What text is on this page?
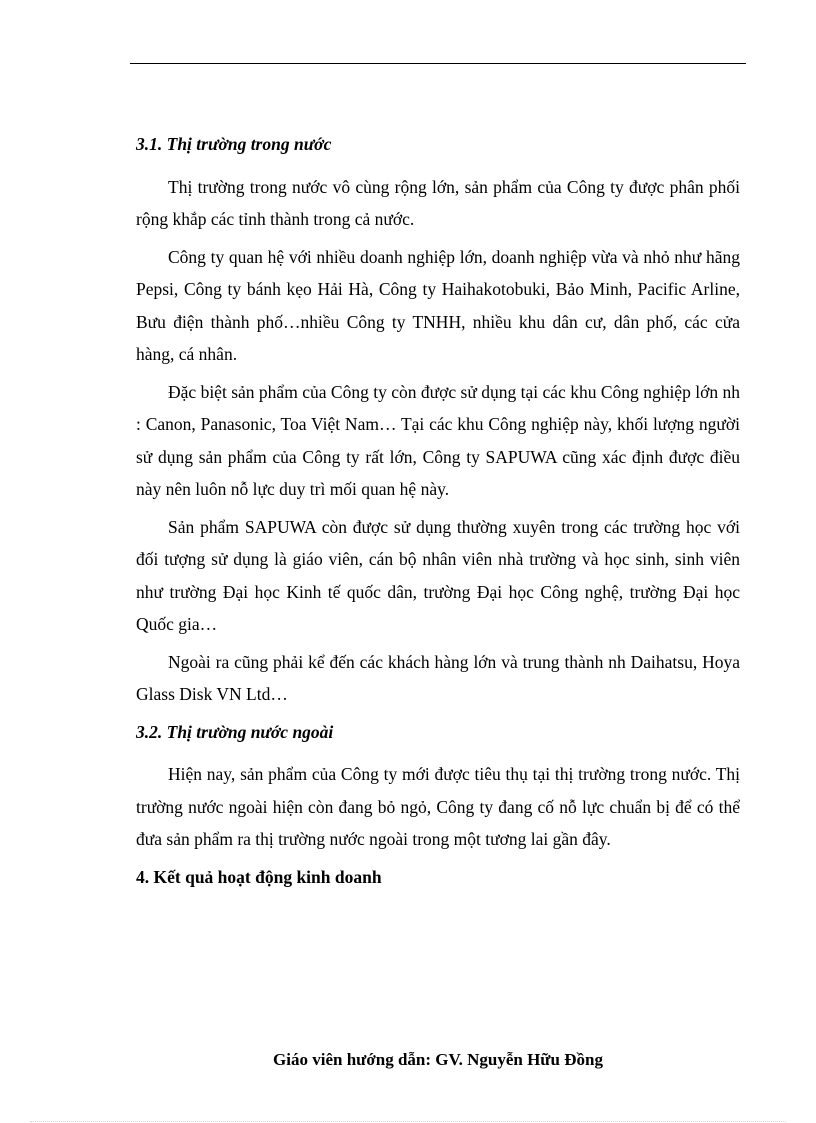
3.1. Thị trường trong nước

Thị trường trong nước vô cùng rộng lớn, sản phẩm của Công ty được phân phối rộng khắp các tỉnh thành trong cả nước.

Công ty quan hệ với nhiều doanh nghiệp lớn, doanh nghiệp vừa và nhỏ như hãng Pepsi, Công ty bánh kẹo Hải Hà, Công ty Haihakotobuki, Bảo Minh, Pacific Arline, Bưu điện thành phố…nhiều Công ty TNHH, nhiều khu dân cư, dân phố, các cửa hàng, cá nhân.

Đặc biệt sản phẩm của Công ty còn được sử dụng tại các khu Công nghiệp lớn nh : Canon, Panasonic, Toa Việt Nam… Tại các khu Công nghiệp này, khối lượng người sử dụng sản phẩm của Công ty rất lớn, Công ty SAPUWA cũng xác định được điều này nên luôn nỗ lực duy trì mối quan hệ này.

Sản phẩm SAPUWA còn được sử dụng thường xuyên trong các trường học với đối tượng sử dụng là giáo viên, cán bộ nhân viên nhà trường và học sinh, sinh viên như trường Đại học Kinh tế quốc dân, trường Đại học Công nghệ, trường Đại học Quốc gia…

Ngoài ra cũng phải kể đến các khách hàng lớn và trung thành nh Daihatsu, Hoya Glass Disk VN Ltd…

3.2. Thị trường nước ngoài

Hiện nay, sản phẩm của Công ty mới được tiêu thụ tại thị trường trong nước. Thị trường nước ngoài hiện còn đang bỏ ngỏ, Công ty đang cố nỗ lực chuẩn bị để có thể đưa sản phẩm ra thị trường nước ngoài trong một tương lai gần đây.

4. Kết quả hoạt động kinh doanh
Giáo viên hướng dẫn: GV. Nguyễn Hữu Đồng
